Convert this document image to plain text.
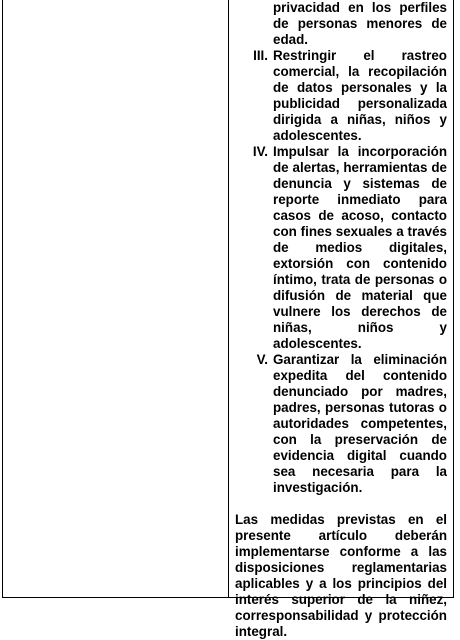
privacidad en los perfiles de personas menores de edad.

III. Restringir el rastreo comercial, la recopilación de datos personales y la publicidad personalizada dirigida a niñas, niños y adolescentes.

IV. Impulsar la incorporación de alertas, herramientas de denuncia y sistemas de reporte inmediato para casos de acoso, contacto con fines sexuales a través de medios digitales, extorsión con contenido íntimo, trata de personas o difusión de material que vulnere los derechos de niñas, niños y adolescentes.

V. Garantizar la eliminación expedita del contenido denunciado por madres, padres, personas tutoras o autoridades competentes, con la preservación de evidencia digital cuando sea necesaria para la investigación.

Las medidas previstas en el presente artículo deberán implementarse conforme a las disposiciones reglamentarias aplicables y a los principios del interés superior de la niñez, corresponsabilidad y protección integral.
